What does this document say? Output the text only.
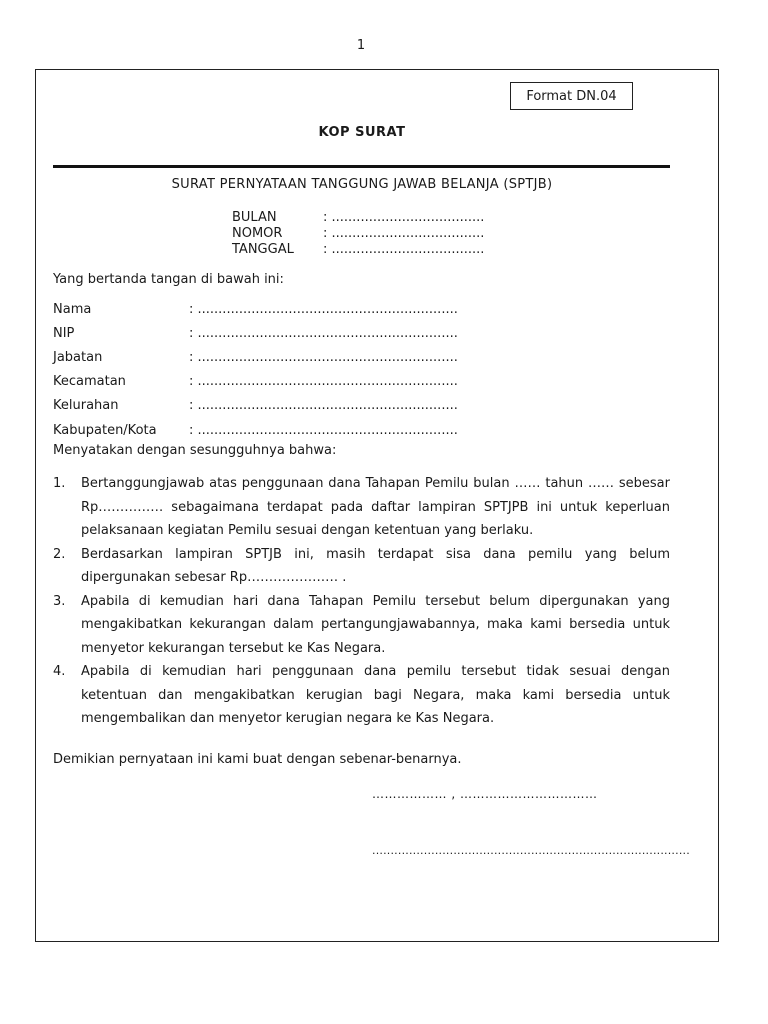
1
Format DN.04
KOP SURAT
SURAT PERNYATAAN TANGGUNG JAWAB BELANJA (SPTJB)
BULAN	: .....................................
NOMOR	: .....................................
TANGGAL	: .....................................
Yang bertanda tangan di bawah ini:
Nama	: ...............................................................
NIP	: ...............................................................
Jabatan	: ...............................................................
Kecamatan	: ...............................................................
Kelurahan	: ...............................................................
Kabupaten/Kota	: ...............................................................
Menyatakan dengan sesungguhnya bahwa:
1.	Bertanggungjawab atas penggunaan dana Tahapan Pemilu bulan …… tahun …… sebesar Rp…………… sebagaimana terdapat pada daftar lampiran SPTJPB ini untuk keperluan pelaksanaan kegiatan Pemilu sesuai dengan ketentuan yang berlaku.
2.	Berdasarkan lampiran SPTJB ini, masih terdapat sisa dana pemilu yang belum dipergunakan sebesar Rp………………… .
3.	Apabila di kemudian hari dana Tahapan Pemilu tersebut belum dipergunakan yang mengakibatkan kekurangan dalam pertangungjawabannya, maka kami bersedia untuk menyetor kekurangan tersebut ke Kas Negara.
4.	Apabila di kemudian hari penggunaan dana pemilu tersebut tidak sesuai dengan ketentuan dan mengakibatkan kerugian bagi Negara, maka kami bersedia untuk mengembalikan dan menyetor kerugian negara ke Kas Negara.
Demikian pernyataan ini kami buat dengan sebenar-benarnya.
……………… , ……………………………
......................................................................................
